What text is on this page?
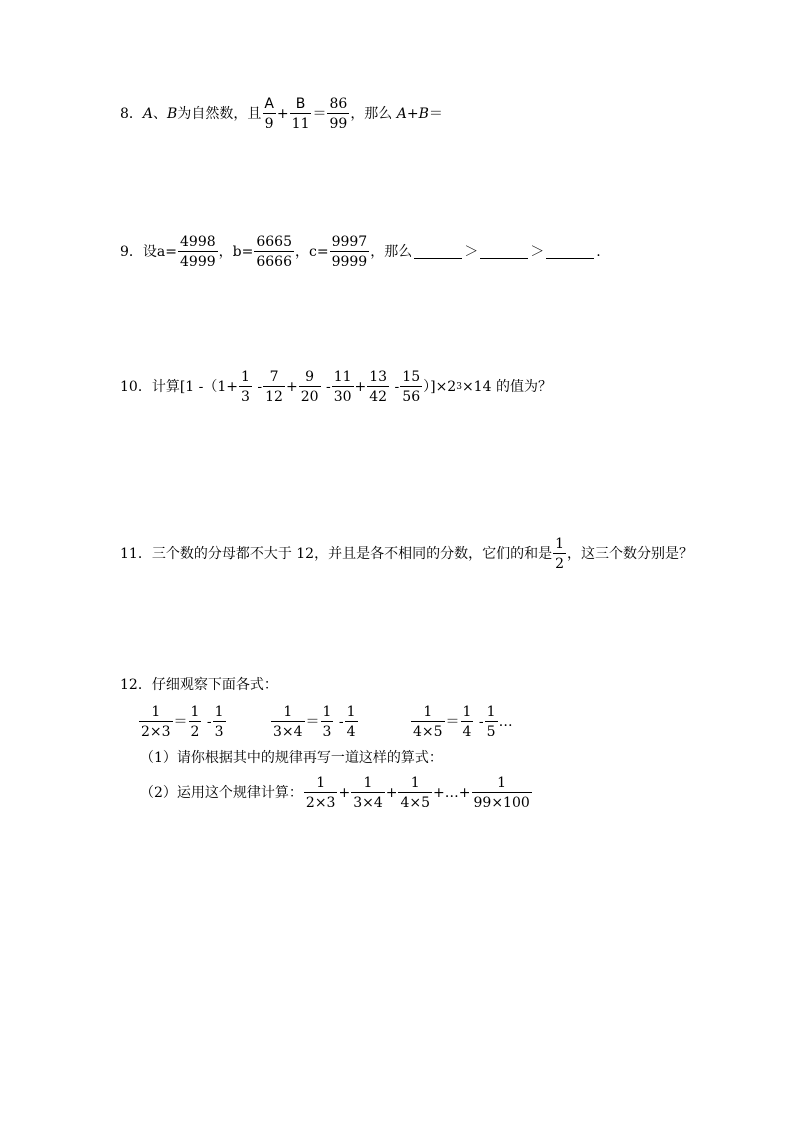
8． A 、 B 为自然数，且 $\frac{A}{9} + \frac{B}{11} = \frac{86}{99}$ ，那么 A+B ＝
9．设 $a= \frac{4998}{4999}$ ，$b= \frac{6665}{6666}$ ，$c= \frac{9997}{9999}$ ，那么	＞	＞	.
10．计算[1 $-(1+ \frac{1}{3} - \frac{7}{12} + \frac{9}{20} - \frac{11}{30} + \frac{13}{42} - \frac{15}{56} )]\times 2$ 3 ×14 的值为？
11．三个数的分母都不大于 12，并且是各不相同的分数，它们的和是 $\frac{1}{2}$ ，这三个数分别是？
12．仔细观察下面各式：
$\frac{1}{2\times 3} = \frac{1}{2} - \frac{1}{3}$	$\frac{1}{3\times 4} = \frac{1}{3} - \frac{1}{4}$	$\frac{1}{4\times 5} = \frac{1}{4} - \frac{1}{5}$ …
（1）请你根据其中的规律再写一道这样的算式：
（2）运用这个规律计算： $\frac{1}{2\times 3} + \frac{1}{3\times 4} + \frac{1}{4\times 5}$ +…+ $\frac{1}{99\times 100}$
